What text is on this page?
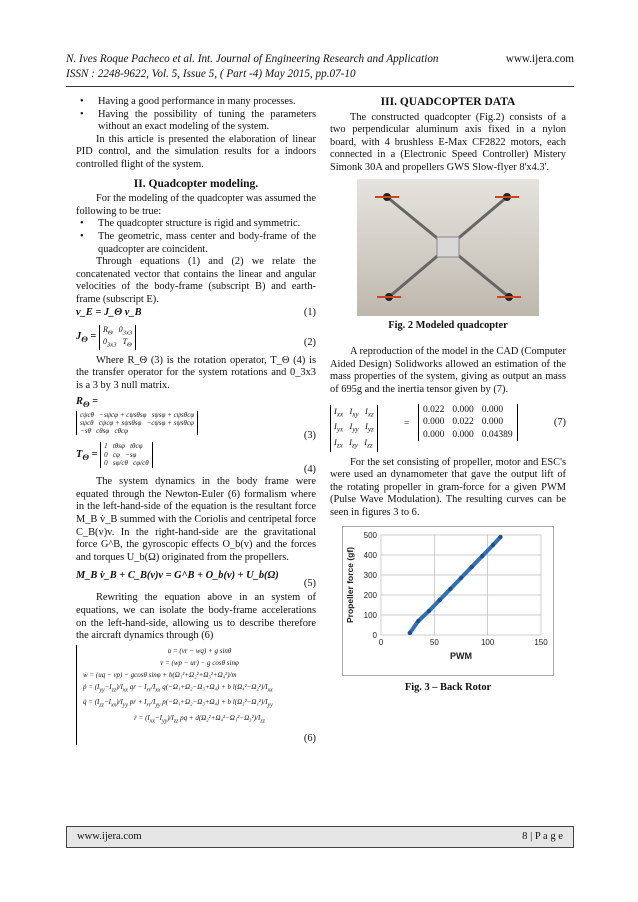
N. Ives Roque Pacheco et al. Int. Journal of Engineering Research and Application
ISSN : 2248-9622, Vol. 5, Issue 5, ( Part -4) May 2015, pp.07-10
www.ijera.com
• Having a good performance in many processes.
• Having the possibility of tuning the parameters without an exact modeling of the system.

In this article is presented the elaboration of linear PID control, and the simulation results for a indoors controlled flight of the system.

II. Quadcopter modeling.

For the modeling of the quadcopter was assumed the following to be true:

• The quadcopter structure is rigid and symmetric.
• The geometric, mass center and body-frame of the quadcopter are coincident.

Through equations (1) and (2) we relate the concatenated vector that contains the linear and angular velocities of the body-frame (subscript B) and earth-frame (subscript E).

v_E = J_Θ v_B	(1)
$J_\Theta = R_\Theta$   $0_{3x3}$
$0_{3x3}$   $T_\Theta$	(2)

Where R_Θ (3) is the rotation operator, T_Θ (4) is the transfer operator for the system rotations and 0_3x3 is a 3 by 3 null matrix.

$R_\Theta$ =
cψcθ   −sψcφ + cψsθsφ   sψsφ + cψsθcφ
sψcθ   cψcφ + sψsθsφ   −cψsφ + sψsθcφ
−sθ   cθsφ   cθcφ	(3)
$T_\Theta = 1$   tθsφ   tθcφ
0   cφ   −sφ
0   sφ/cθ   cφ/cθ
(4)

The system dynamics in the body frame were equated through the Newton-Euler (6) formalism where in the left-hand-side of the equation is the resultant force M_B v̇_B summed with the Coriolis and centripetal force C_B(v)v. In the right-hand-side are the gravitational force G^B, the gyroscopic effects O_b(v) and the forces and torques U_b(Ω) originated from the propellers.

M_B v̇_B + C_B(v)v = G^B + O_b(v) + U_b(Ω)
(5)

Rewriting the equation above in an system of equations, we can isolate the body-frame accelerations on the left-hand-side, allowing us to describe therefore the aircraft dynamics through (6)

u̇ = (vr − wq) + g sinθ
v̇ = (wp − ur) − g cosθ sinφ
ẇ = (uq − vp) − gcosθ sinφ + b(Ω₁²+Ω₂²+Ω₃²+Ω₄²)/m
ṗ = $(I_{yy}-I_{zz})/I_{xx}$ qr − $I_{rr}/I_{xx}$ q(−Ω₁+Ω₂−Ω₃+Ω₄) + b $l(\Omega_4^2-\Omega_2^2)/I_{xx}$
q̇ = $(I_{zz}-I_{xx})/I_{yy}$ pr + $I_{rr}/I_{yy}$ p(−Ω₁+Ω₂−Ω₃+Ω₄) + b $l(\Omega_3^2-\Omega_1^2)/I_{yy}$
ṙ = $(I_{xx}-I_{yy})/I_{zz}$ pq + $d(\Omega_2^2+\Omega_4^2-\Omega_1^2-\Omega_3^2)/I_{zz}$
(6)
III. QUADCOPTER DATA

The constructed quadcopter (Fig.2) consists of a two perpendicular aluminum axis fixed in a nylon board, with 4 brushless E-Max CF2822 motors, each connected in a (Electronic Speed Controller) Mistery Simonk 30A and propellers GWS Slow-flyer 8'x4.3'.

Fig. 2 Modeled quadcopter

A reproduction of the model in the CAD (Computer Aided Design) Solidworks allowed an estimation of the mass properties of the system, giving as output an mass of 695g and the inertia tensor given by (7).

$I_{xx}$   $I_{xy}$   $I_{xz}$
$I_{yx}$   $I_{yy}$   $I_{yz}$
$I_{zx}$   $I_{zy}$   $I_{zz}$
=
0.022	0.000	0.000
0.000	0.022	0.000
0.000	0.000	0.04389
(7)

For the set consisting of propeller, motor and ESC's were used an dynamometer that gave the output lift of the rotating propeller in gram-force for a given PWM (Pulse Wave Modulation). The resulting curves can be seen in figures 3 to 6.

0
100
200
300
400
500
0	50	100	150
PWM
Propeller force (gf)
Fig. 3 – Back Rotor
www.ijera.com	8 | P a g e
